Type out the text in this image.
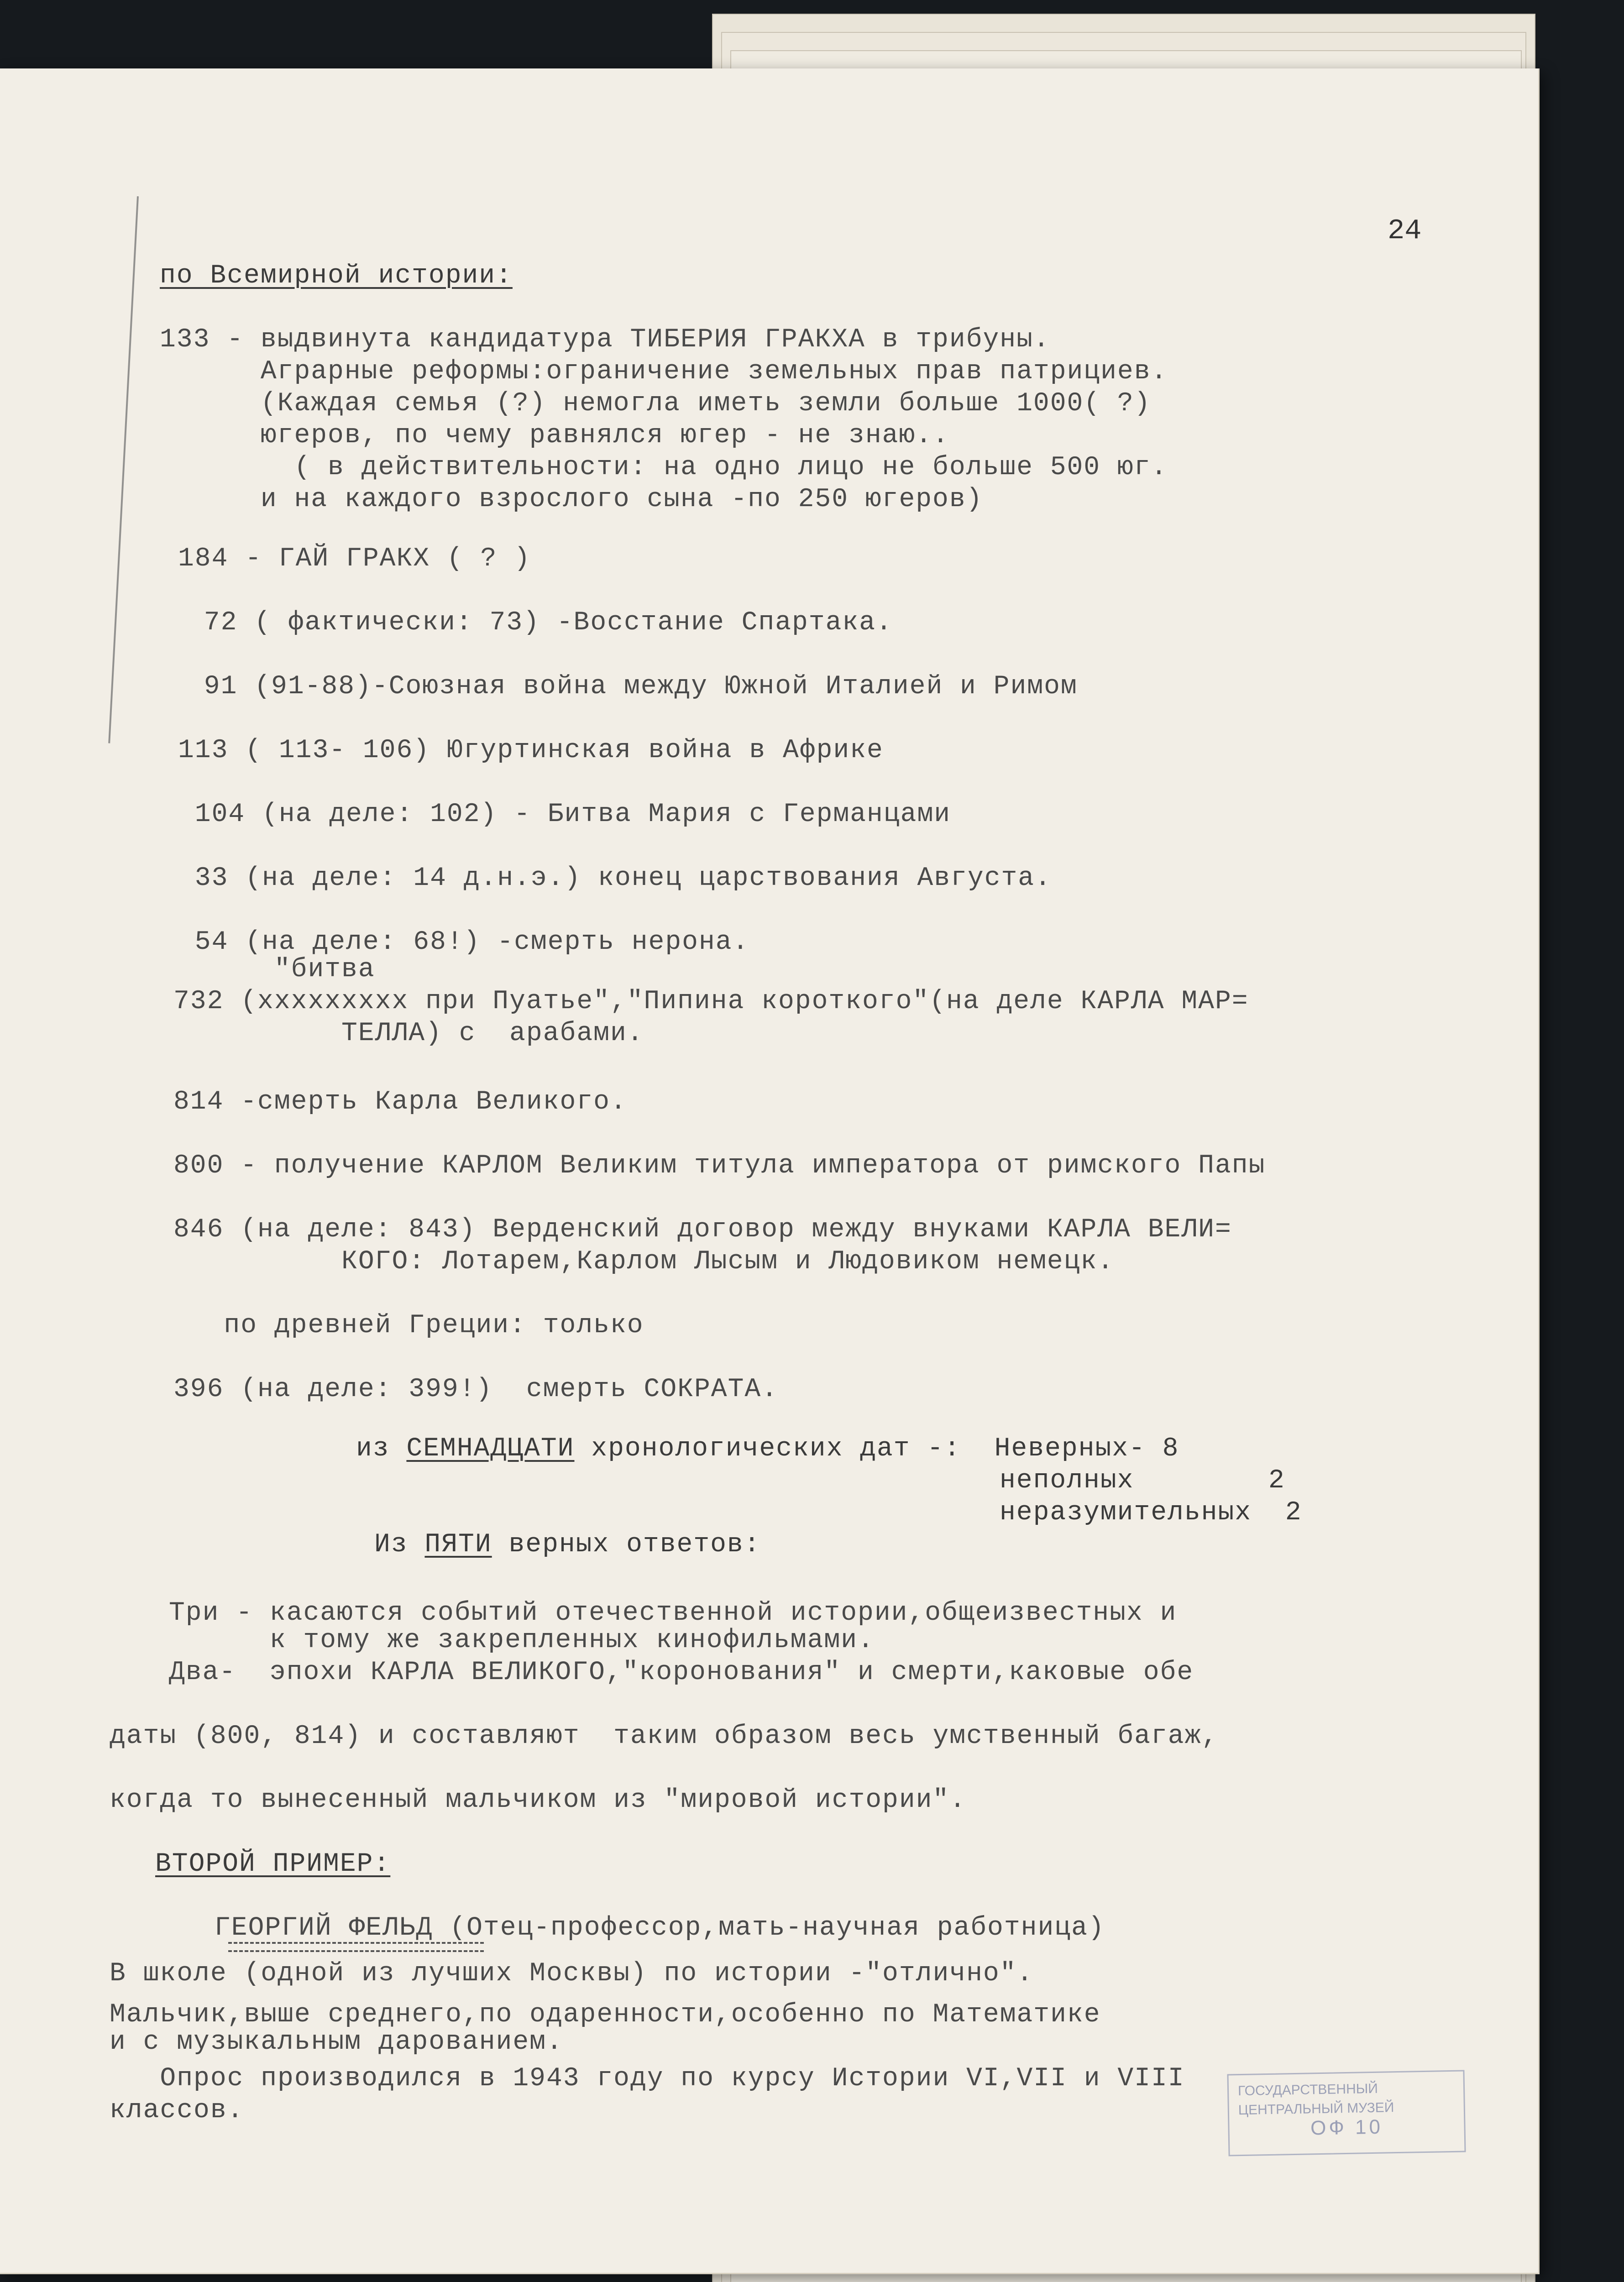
24
по Всемирной истории:
133 - выдвинута кандидатура ТИБЕРИЯ ГРАКХА в трибуны.
Аграрные реформы:ограничение земельных прав патрициев.
(Каждая семья (?) немогла иметь земли больше 1000( ?)
югеров, по чему равнялся югер - не знаю..
( в действительности: на одно лицо не больше 500 юг.
и на каждого взрослого сына -по 250 югеров)
184 - ГАЙ ГРАКХ ( ? )
72 ( фактически: 73) -Восстание Спартака.
91 (91-88)-Союзная война между Южной Италией и Римом
113 ( 113- 106) Югуртинская война в Африке
104 (на деле: 102) - Битва Мария с Германцами
33 (на деле: 14 д.н.э.) конец царствования Августа.
54 (на деле: 68!) -смерть нерона.
"битва
732 (ххххххххх при Пуатье","Пипина короткого"(на деле КАРЛА МАР=
ТЕЛЛА) с  арабами.
814 -смерть Карла Великого.
800 - получение КАРЛОМ Великим титула императора от римского Папы
846 (на деле: 843) Верденский договор между внуками КАРЛА ВЕЛИ=
КОГО: Лотарем,Карлом Лысым и Людовиком немецк.
по древней Греции: только
396 (на деле: 399!)  смерть СОКРАТА.
из СЕМНАДЦАТИ хронологических дат -:  Неверных- 8
неполных        2
неразумительных  2
Из ПЯТИ верных ответов:
Три - касаются событий отечественной истории,общеизвестных и
к тому же закрепленных кинофильмами.
Два-  эпохи КАРЛА ВЕЛИКОГО,"коронования" и смерти,каковые обе
даты (800, 814) и составляют  таким образом весь умственный багаж,
когда то вынесенный мальчиком из "мировой истории".
ВТОРОЙ ПРИМЕР:
ГЕОРГИЙ ФЕЛЬД (Отец-профессор,мать-научная работница)
В школе (одной из лучших Москвы) по истории -"отлично".
Мальчик,выше среднего,по одаренности,особенно по Математике
и с музыкальным дарованием.
Опрос производился в 1943 году по курсу Истории VI,VII и VIII
классов.
ГОСУДАРСТВЕННЫЙ
ЦЕНТРАЛЬНЫЙ МУЗЕЙ
ОФ 10
